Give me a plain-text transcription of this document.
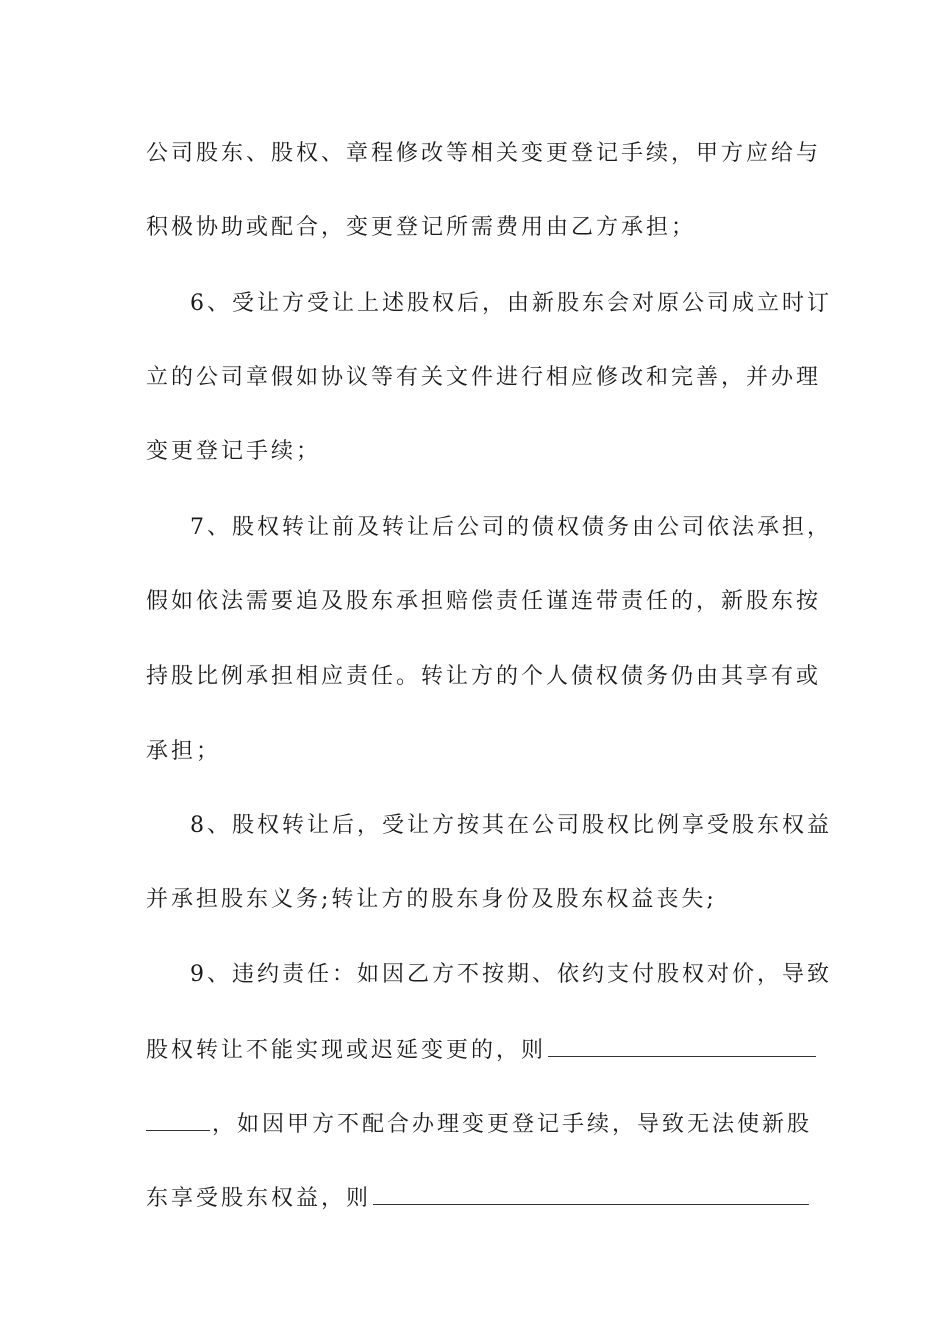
公司股东、股权、章程修改等相关变更登记手续，甲方应给与
积极协助或配合，变更登记所需费用由乙方承担；
6、受让方受让上述股权后，由新股东会对原公司成立时订
立的公司章假如协议等有关文件进行相应修改和完善，并办理
变更登记手续；
7、股权转让前及转让后公司的债权债务由公司依法承担，
假如依法需要追及股东承担赔偿责任谨连带责任的，新股东按
持股比例承担相应责任。转让方的个人债权债务仍由其享有或
承担；
8、股权转让后，受让方按其在公司股权比例享受股东权益
并承担股东义务;转让方的股东身份及股东权益丧失;
9、违约责任：如因乙方不按期、依约支付股权对价，导致
股权转让不能实现或迟延变更的，则
，如因甲方不配合办理变更登记手续，导致无法使新股
东享受股东权益，则
